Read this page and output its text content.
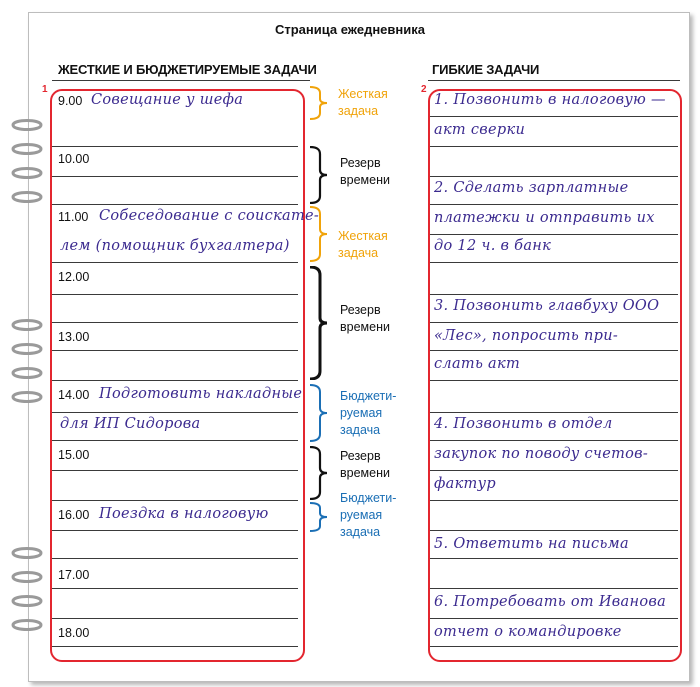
Страница ежедневника
ЖЕСТКИЕ И БЮДЖЕТИРУЕМЫЕ ЗАДАЧИ	ГИБКИЕ ЗАДАЧИ
1	2
9.00
10.00
11.00
12.00
13.00
14.00
15.00
16.00
17.00
18.00
Совещание у шефа
Собеседование с соискате-
лем (помощник бухгалтера)
Подготовить накладные
для ИП Сидорова
Поездка в налоговую
1. Позвонить в налоговую —
акт сверки
2. Сделать зарплатные
платежки и отправить их
до 12 ч. в банк
3. Позвонить главбуху ООО
«Лес», попросить при-
слать акт
4. Позвонить в отдел
закупок по поводу счетов-
фактур
5. Ответить на письма
6. Потребовать от Иванова
отчет о командировке
Жесткая
задача
Резерв
времени
Жесткая
задача
Резерв
времени
Бюджети-
руемая
задача
Резерв
времени
Бюджети-
руемая
задача
